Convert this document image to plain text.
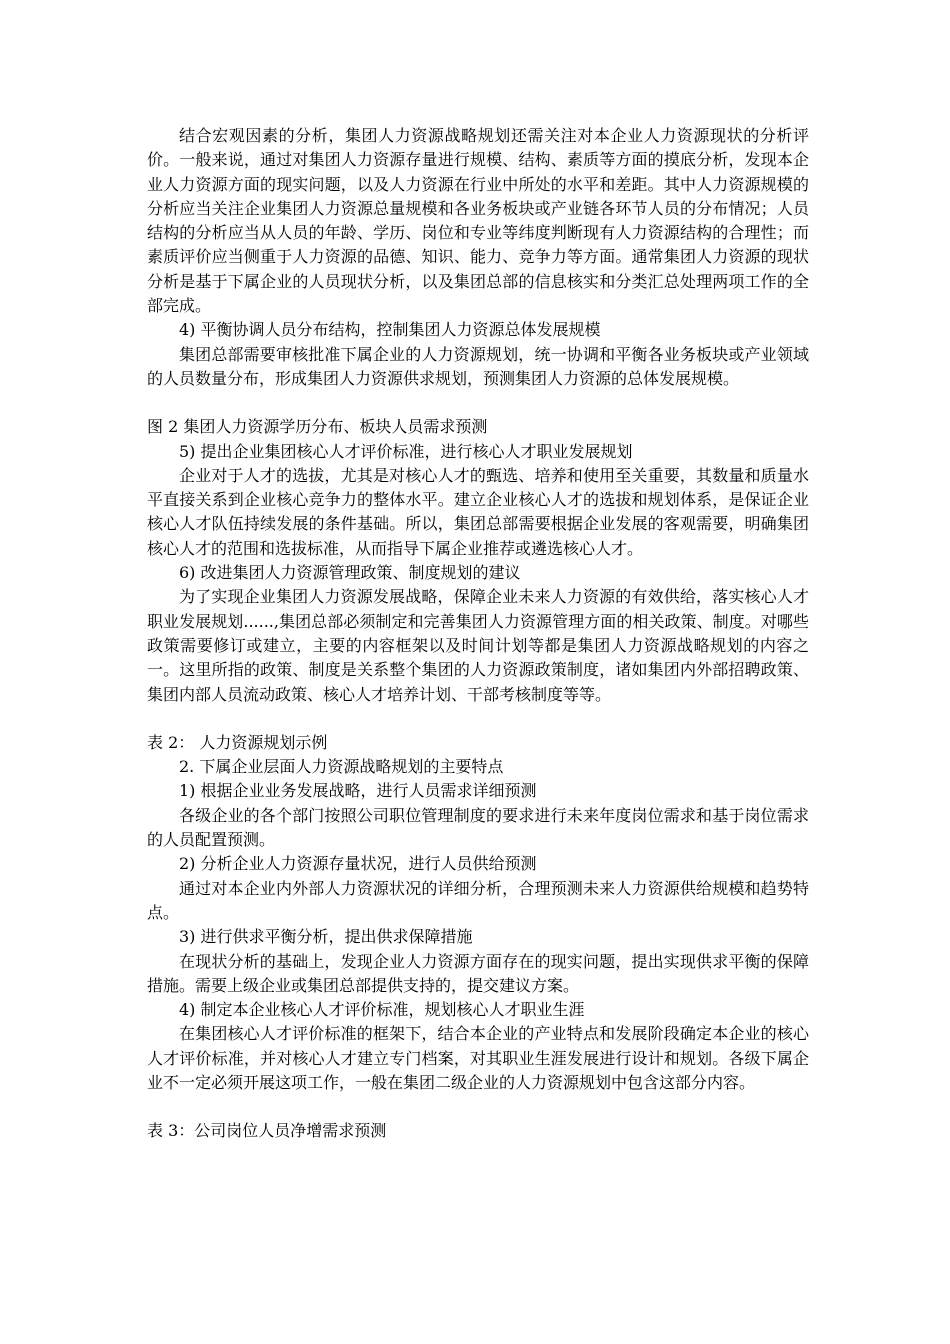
结合宏观因素的分析，集团人力资源战略规划还需关注对本企业人力资源现状的分析评价。一般来说，通过对集团人力资源存量进行规模、结构、素质等方面的摸底分析，发现本企业人力资源方面的现实问题，以及人力资源在行业中所处的水平和差距。其中人力资源规模的分析应当关注企业集团人力资源总量规模和各业务板块或产业链各环节人员的分布情况；人员结构的分析应当从人员的年龄、学历、岗位和专业等纬度判断现有人力资源结构的合理性；而素质评价应当侧重于人力资源的品德、知识、能力、竞争力等方面。通常集团人力资源的现状分析是基于下属企业的人员现状分析，以及集团总部的信息核实和分类汇总处理两项工作的全部完成。

4) 平衡协调人员分布结构，控制集团人力资源总体发展规模

集团总部需要审核批准下属企业的人力资源规划，统一协调和平衡各业务板块或产业领域的人员数量分布，形成集团人力资源供求规划，预测集团人力资源的总体发展规模。

图 2 集团人力资源学历分布、板块人员需求预测

5) 提出企业集团核心人才评价标准，进行核心人才职业发展规划

企业对于人才的选拔，尤其是对核心人才的甄选、培养和使用至关重要，其数量和质量水平直接关系到企业核心竞争力的整体水平。建立企业核心人才的选拔和规划体系，是保证企业核心人才队伍持续发展的条件基础。所以，集团总部需要根据企业发展的客观需要，明确集团核心人才的范围和选拔标准，从而指导下属企业推荐或遴选核心人才。

6) 改进集团人力资源管理政策、制度规划的建议

为了实现企业集团人力资源发展战略，保障企业未来人力资源的有效供给，落实核心人才职业发展规划......,集团总部必须制定和完善集团人力资源管理方面的相关政策、制度。对哪些政策需要修订或建立，主要的内容框架以及时间计划等都是集团人力资源战略规划的内容之一。这里所指的政策、制度是关系整个集团的人力资源政策制度，诸如集团内外部招聘政策、集团内部人员流动政策、核心人才培养计划、干部考核制度等等。

表 2： 人力资源规划示例

2. 下属企业层面人力资源战略规划的主要特点

1) 根据企业业务发展战略，进行人员需求详细预测

各级企业的各个部门按照公司职位管理制度的要求进行未来年度岗位需求和基于岗位需求的人员配置预测。

2) 分析企业人力资源存量状况，进行人员供给预测

通过对本企业内外部人力资源状况的详细分析，合理预测未来人力资源供给规模和趋势特点。

3) 进行供求平衡分析，提出供求保障措施

在现状分析的基础上，发现企业人力资源方面存在的现实问题，提出实现供求平衡的保障措施。需要上级企业或集团总部提供支持的，提交建议方案。

4) 制定本企业核心人才评价标准，规划核心人才职业生涯

在集团核心人才评价标准的框架下，结合本企业的产业特点和发展阶段确定本企业的核心人才评价标准，并对核心人才建立专门档案，对其职业生涯发展进行设计和规划。各级下属企业不一定必须开展这项工作，一般在集团二级企业的人力资源规划中包含这部分内容。

表 3：公司岗位人员净增需求预测
